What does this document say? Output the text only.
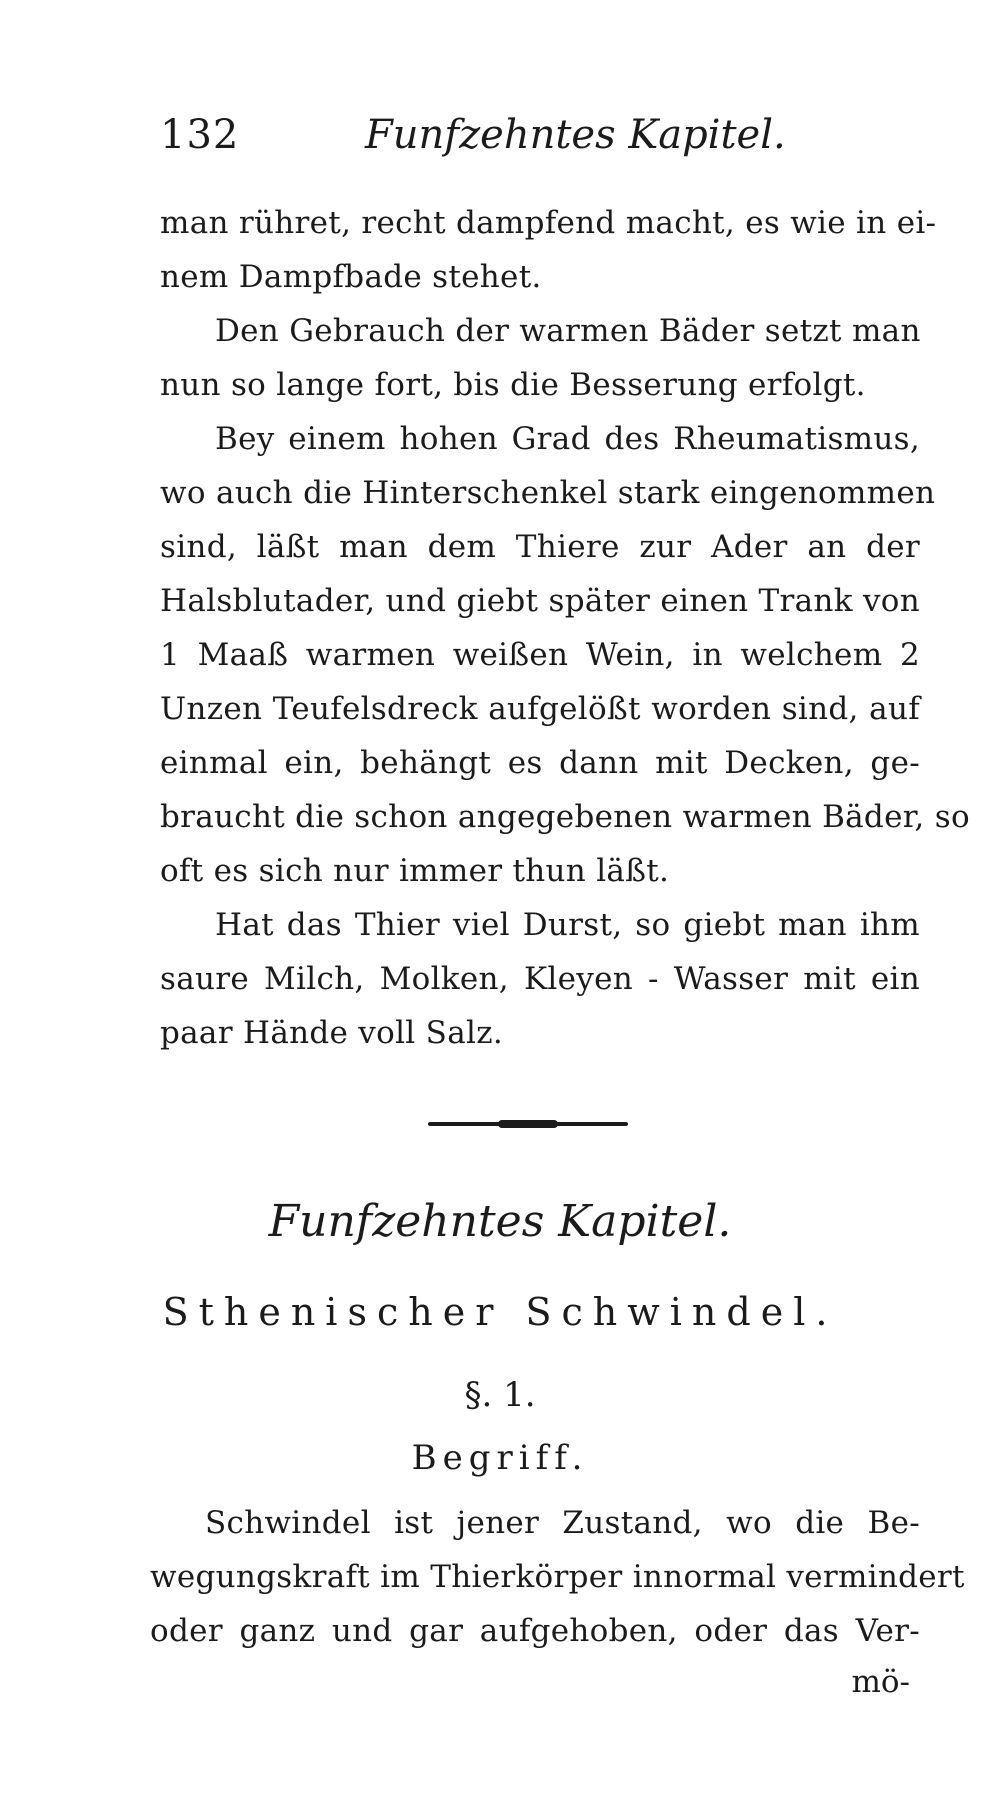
132	Funfzehntes Kapitel.
man rühret, recht dampfend macht, es wie in ei-
nem Dampfbade stehet.
Den Gebrauch der warmen Bäder setzt man
nun so lange fort, bis die Besserung erfolgt.
Bey einem hohen Grad des Rheumatismus,
wo auch die Hinterschenkel stark eingenommen
sind, läßt man dem Thiere zur Ader an der
Halsblutader, und giebt später einen Trank von
1 Maaß warmen weißen Wein, in welchem 2
Unzen Teufelsdreck aufgelößt worden sind, auf
einmal ein, behängt es dann mit Decken, ge-
braucht die schon angegebenen warmen Bäder, so
oft es sich nur immer thun läßt.
Hat das Thier viel Durst, so giebt man ihm
saure Milch, Molken, Kleyen - Wasser mit ein
paar Hände voll Salz.
Funfzehntes Kapitel.
Sthenischer Schwindel.
§. 1.
Begriff.
Schwindel ist jener Zustand, wo die Be-
wegungskraft im Thierkörper innormal vermindert
oder ganz und gar aufgehoben, oder das Ver-
mö-
